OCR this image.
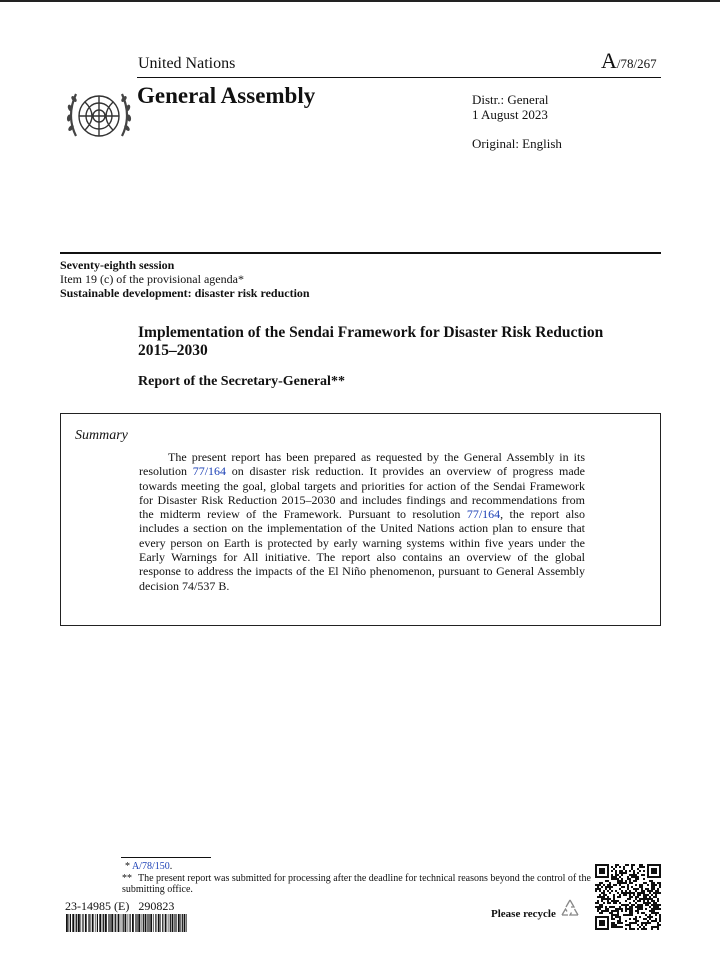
United Nations	A/78/267
General Assembly	Distr.: General
1 August 2023
Original: English
Seventy-eighth session
Item 19 (c) of the provisional agenda*
Sustainable development: disaster risk reduction
Implementation of the Sendai Framework for Disaster Risk Reduction 2015–2030
Report of the Secretary-General**
Summary

The present report has been prepared as requested by the General Assembly in its resolution 77/164 on disaster risk reduction. It provides an overview of progress made towards meeting the goal, global targets and priorities for action of the Sendai Framework for Disaster Risk Reduction 2015–2030 and includes findings and recommendations from the midterm review of the Framework. Pursuant to resolution 77/164, the report also includes a section on the implementation of the United Nations action plan to ensure that every person on Earth is protected by early warning systems within five years under the Early Warnings for All initiative. The report also contains an overview of the global response to address the impacts of the El Niño phenomenon, pursuant to General Assembly decision 74/537 B.

* A/78/150.
** The present report was submitted for processing after the deadline for technical reasons beyond the control of the submitting office.
23-14985 (E) 290823
Please recycle
